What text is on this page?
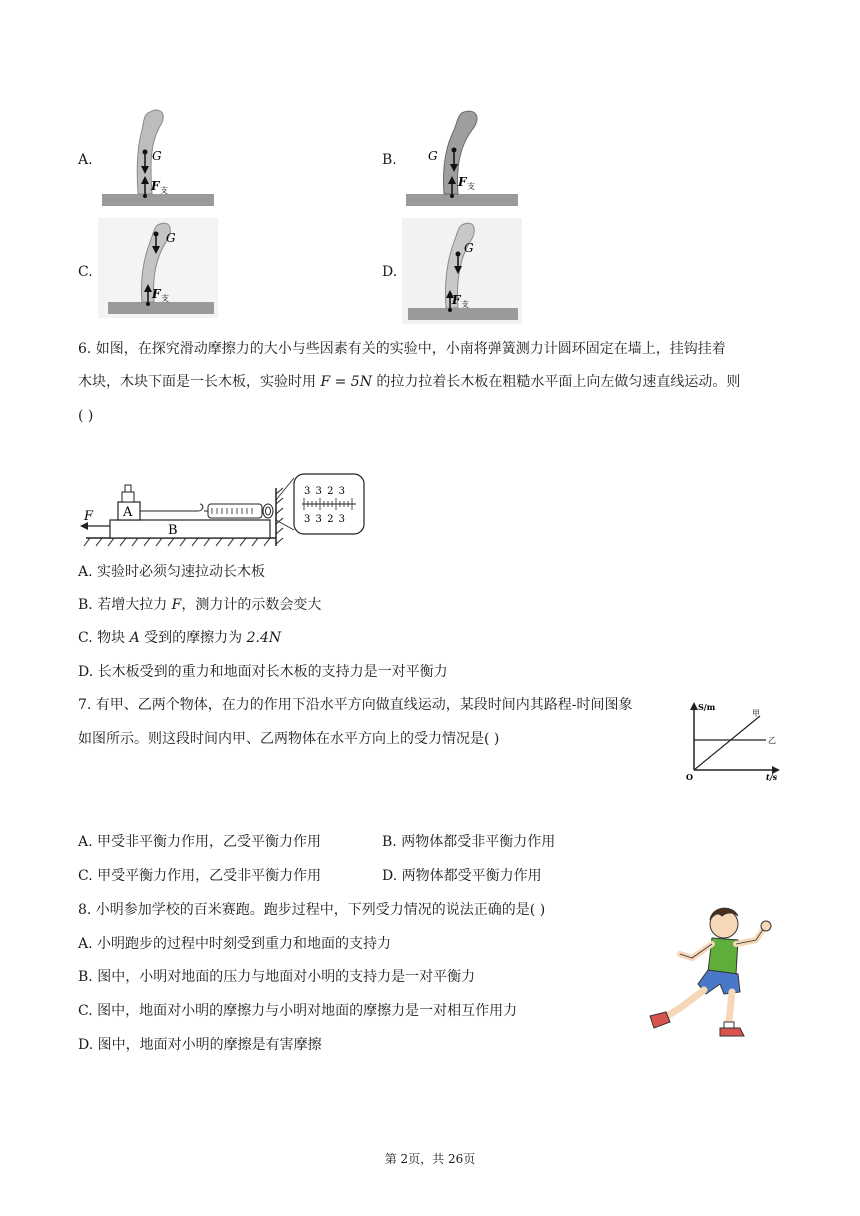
A.	G
F 支
B.	G
F 支
C.
G
F 支
D.
G
F 支
6. 如图，在探究滑动摩擦力的大小与些因素有关的实验中，小南将弹簧测力计圆环固定在墙上，挂钩挂着
木块，木块下面是一长木板，实验时用 F = 5N 的拉力拉着长木板在粗糙水平面上向左做匀速直线运动。则
( )
B
A
3 3 2 3
3 3 2 3
F
A. 实验时必须匀速拉动长木板
B. 若增大拉力 F，测力计的示数会变大
C. 物块 A 受到的摩擦力为 2.4N
D. 长木板受到的重力和地面对长木板的支持力是一对平衡力
7. 有甲、乙两个物体，在力的作用下沿水平方向做直线运动，某段时间内其路程-时间图象
如图所示。则这段时间内甲、乙两物体在水平方向上的受力情况是( )
S/m
t/s
O
甲
乙
A. 甲受非平衡力作用，乙受平衡力作用	B. 两物体都受非平衡力作用
C. 甲受平衡力作用，乙受非平衡力作用	D. 两物体都受平衡力作用
8. 小明参加学校的百米赛跑。跑步过程中，下列受力情况的说法正确的是( )
A. 小明跑步的过程中时刻受到重力和地面的支持力
B. 图中，小明对地面的压力与地面对小明的支持力是一对平衡力
C. 图中，地面对小明的摩擦力与小明对地面的摩擦力是一对相互作用力
D. 图中，地面对小明的摩擦是有害摩擦
第 2页，共 26页
